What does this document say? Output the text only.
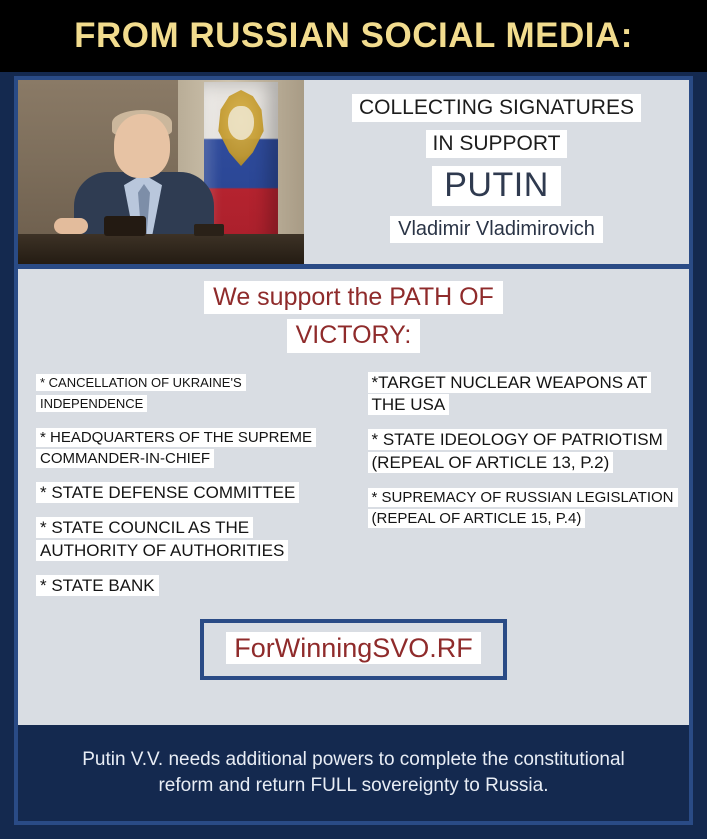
FROM RUSSIAN SOCIAL MEDIA:
COLLECTING SIGNATURES
IN SUPPORT
PUTIN
Vladimir Vladimirovich
We support the PATH OF
VICTORY:
* CANCELLATION OF UKRAINE'S INDEPENDENCE
* HEADQUARTERS OF THE SUPREME COMMANDER-IN-CHIEF
* STATE DEFENSE COMMITTEE
* STATE COUNCIL AS THE AUTHORITY OF AUTHORITIES
* STATE BANK
*TARGET NUCLEAR WEAPONS AT THE USA
* STATE IDEOLOGY OF PATRIOTISM (REPEAL OF ARTICLE 13, P.2)
* SUPREMACY OF RUSSIAN LEGISLATION (REPEAL OF ARTICLE 15, P.4)
ForWinningSVO.RF

Putin V.V. needs additional powers to complete the constitutional reform and return FULL sovereignty to Russia.
